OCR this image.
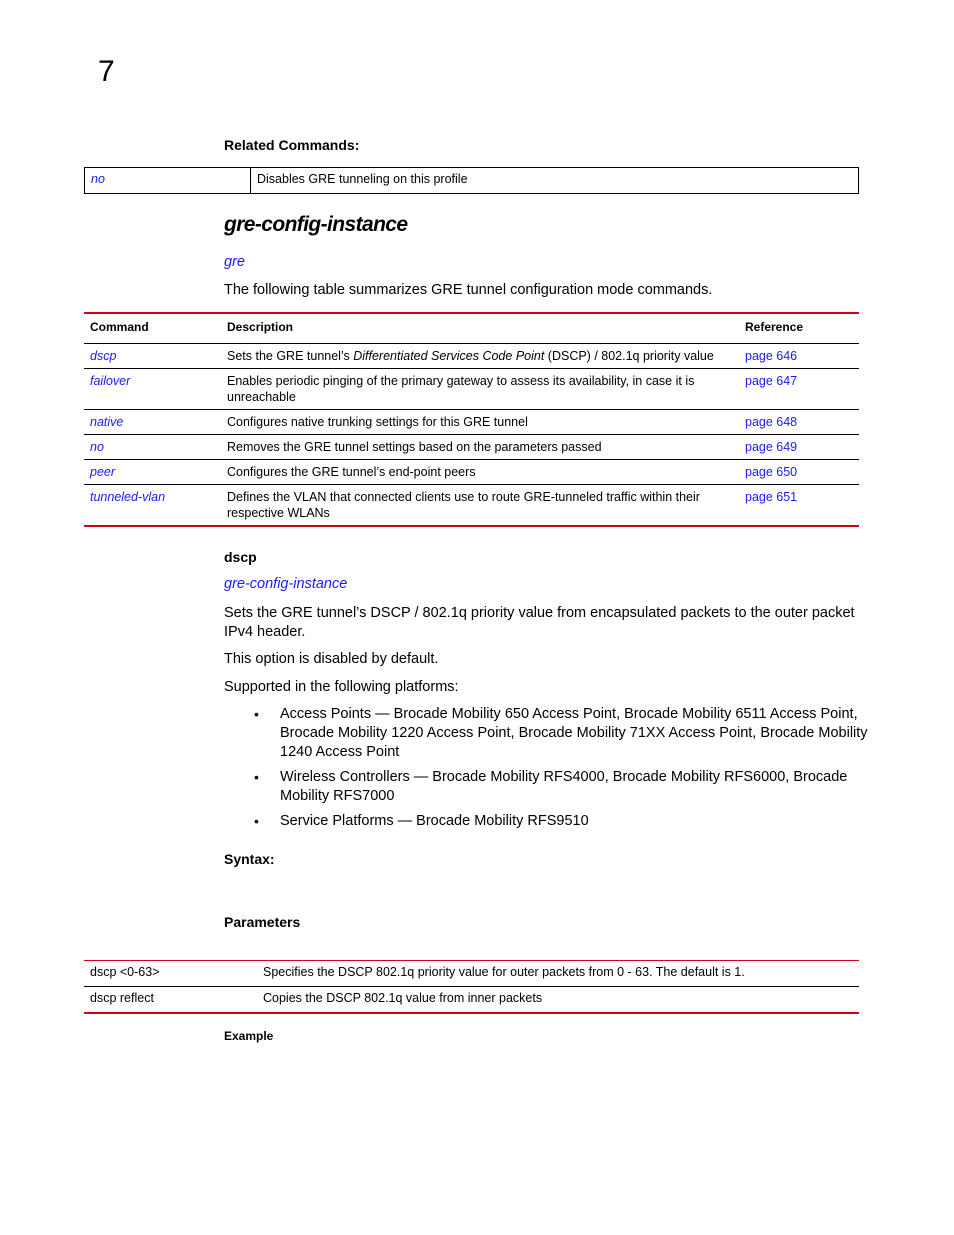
7
Related Commands:
no	Disables GRE tunneling on this profile
gre-config-instance
gre
The following table summarizes GRE tunnel configuration mode commands.
Command	Description	Reference
dscp	Sets the GRE tunnel’s Differentiated Services Code Point (DSCP) / 802.1q priority value	page 646
failover	Enables periodic pinging of the primary gateway to assess its availability, in case it is unreachable	page 647
native	Configures native trunking settings for this GRE tunnel	page 648
no	Removes the GRE tunnel settings based on the parameters passed	page 649
peer	Configures the GRE tunnel’s end-point peers	page 650
tunneled-vlan	Defines the VLAN that connected clients use to route GRE-tunneled traffic within their respective WLANs	page 651
dscp
gre-config-instance
Sets the GRE tunnel’s DSCP / 802.1q priority value from encapsulated packets to the outer packet IPv4 header.
This option is disabled by default.
Supported in the following platforms:
• Access Points — Brocade Mobility 650 Access Point, Brocade Mobility 6511 Access Point, Brocade Mobility 1220 Access Point, Brocade Mobility 71XX Access Point, Brocade Mobility 1240 Access Point
• Wireless Controllers — Brocade Mobility RFS4000, Brocade Mobility RFS6000, Brocade Mobility RFS7000
• Service Platforms — Brocade Mobility RFS9510
Syntax:
Parameters
dscp <0-63>	Specifies the DSCP 802.1q priority value for outer packets from 0 - 63. The default is 1.
dscp reflect	Copies the DSCP 802.1q value from inner packets
Example
